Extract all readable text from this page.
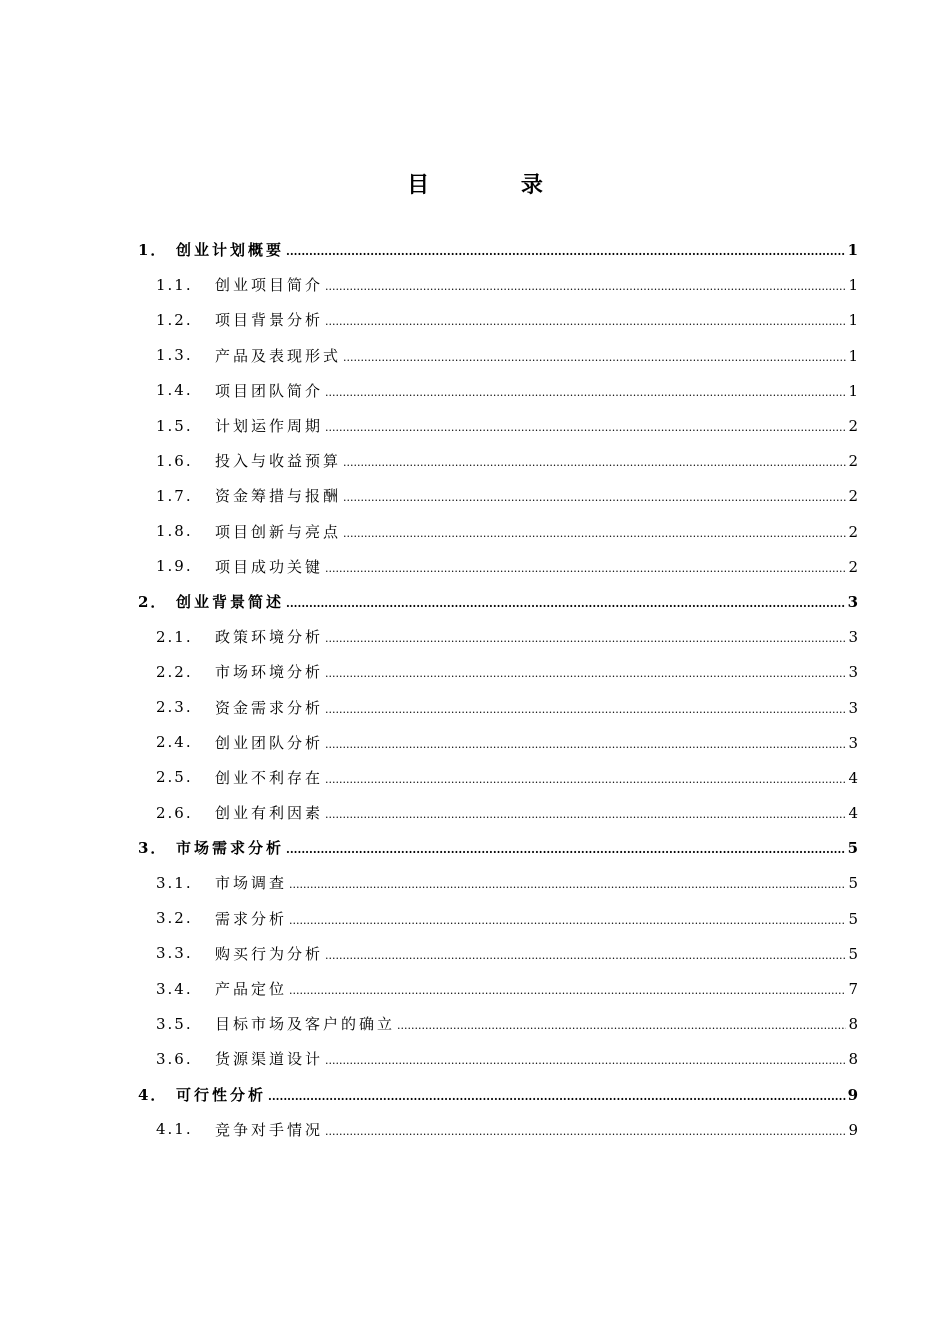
目 录
1． 创业计划概要 .....	1
1.1. 创业项目简介 .....	1
1.2. 项目背景分析 .....	1
1.3. 产品及表现形式 .....	1
1.4. 项目团队简介 .....	1
1.5. 计划运作周期 .....	2
1.6. 投入与收益预算 .....	2
1.7. 资金筹措与报酬 .....	2
1.8. 项目创新与亮点 .....	2
1.9. 项目成功关键 .....	2
2． 创业背景简述 .....	3
2.1. 政策环境分析 .....	3
2.2. 市场环境分析 .....	3
2.3. 资金需求分析 .....	3
2.4. 创业团队分析 .....	3
2.5. 创业不利存在 .....	4
2.6. 创业有利因素 .....	4
3． 市场需求分析 .....	5
3.1. 市场调查 .....	5
3.2. 需求分析 .....	5
3.3. 购买行为分析 .....	5
3.4. 产品定位 .....	7
3.5. 目标市场及客户的确立 .....	8
3.6. 货源渠道设计 .....	8
4． 可行性分析 .....	9
4.1. 竞争对手情况 .....	9
